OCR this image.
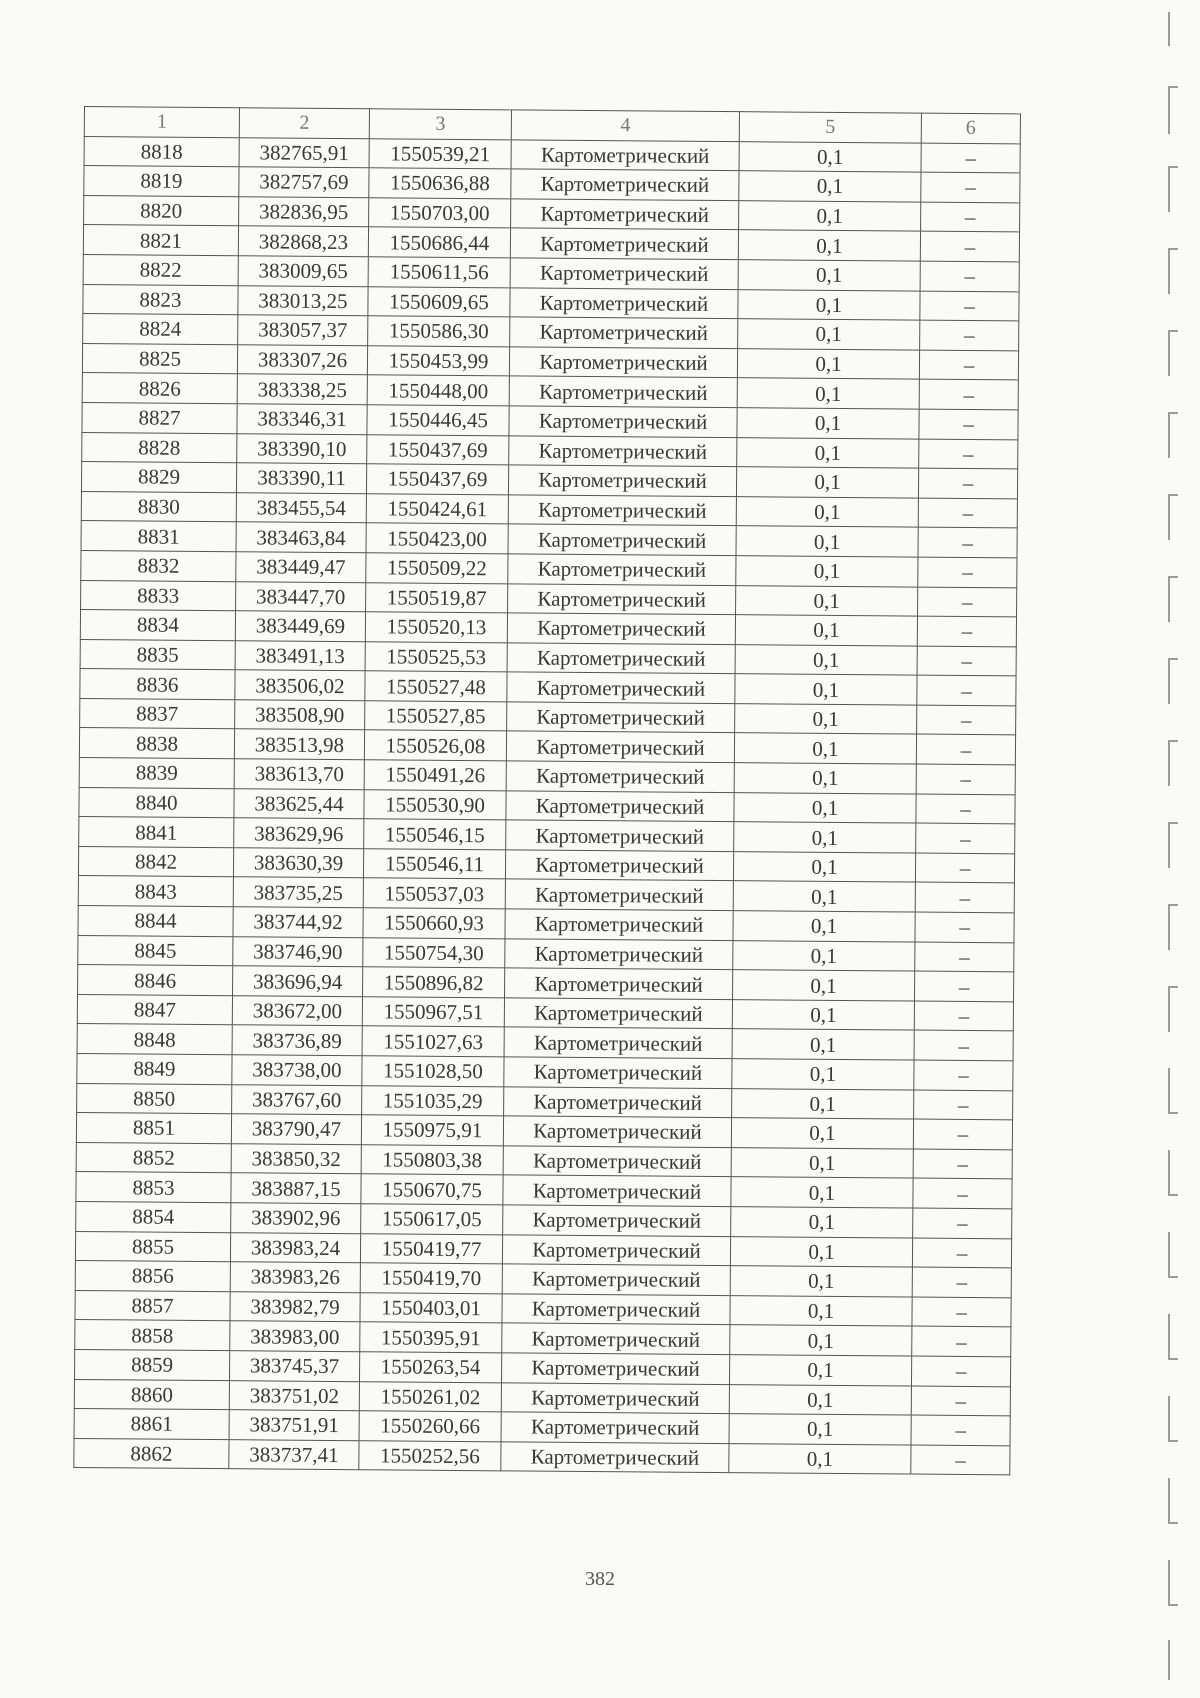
1	2	3	4	5	6
8818	382765,91	1550539,21	Картометрический	0,1	–
8819	382757,69	1550636,88	Картометрический	0,1	–
8820	382836,95	1550703,00	Картометрический	0,1	–
8821	382868,23	1550686,44	Картометрический	0,1	–
8822	383009,65	1550611,56	Картометрический	0,1	–
8823	383013,25	1550609,65	Картометрический	0,1	–
8824	383057,37	1550586,30	Картометрический	0,1	–
8825	383307,26	1550453,99	Картометрический	0,1	–
8826	383338,25	1550448,00	Картометрический	0,1	–
8827	383346,31	1550446,45	Картометрический	0,1	–
8828	383390,10	1550437,69	Картометрический	0,1	–
8829	383390,11	1550437,69	Картометрический	0,1	–
8830	383455,54	1550424,61	Картометрический	0,1	–
8831	383463,84	1550423,00	Картометрический	0,1	–
8832	383449,47	1550509,22	Картометрический	0,1	–
8833	383447,70	1550519,87	Картометрический	0,1	–
8834	383449,69	1550520,13	Картометрический	0,1	–
8835	383491,13	1550525,53	Картометрический	0,1	–
8836	383506,02	1550527,48	Картометрический	0,1	–
8837	383508,90	1550527,85	Картометрический	0,1	–
8838	383513,98	1550526,08	Картометрический	0,1	–
8839	383613,70	1550491,26	Картометрический	0,1	–
8840	383625,44	1550530,90	Картометрический	0,1	–
8841	383629,96	1550546,15	Картометрический	0,1	–
8842	383630,39	1550546,11	Картометрический	0,1	–
8843	383735,25	1550537,03	Картометрический	0,1	–
8844	383744,92	1550660,93	Картометрический	0,1	–
8845	383746,90	1550754,30	Картометрический	0,1	–
8846	383696,94	1550896,82	Картометрический	0,1	–
8847	383672,00	1550967,51	Картометрический	0,1	–
8848	383736,89	1551027,63	Картометрический	0,1	–
8849	383738,00	1551028,50	Картометрический	0,1	–
8850	383767,60	1551035,29	Картометрический	0,1	–
8851	383790,47	1550975,91	Картометрический	0,1	–
8852	383850,32	1550803,38	Картометрический	0,1	–
8853	383887,15	1550670,75	Картометрический	0,1	–
8854	383902,96	1550617,05	Картометрический	0,1	–
8855	383983,24	1550419,77	Картометрический	0,1	–
8856	383983,26	1550419,70	Картометрический	0,1	–
8857	383982,79	1550403,01	Картометрический	0,1	–
8858	383983,00	1550395,91	Картометрический	0,1	–
8859	383745,37	1550263,54	Картометрический	0,1	–
8860	383751,02	1550261,02	Картометрический	0,1	–
8861	383751,91	1550260,66	Картометрический	0,1	–
8862	383737,41	1550252,56	Картометрический	0,1	–
382
